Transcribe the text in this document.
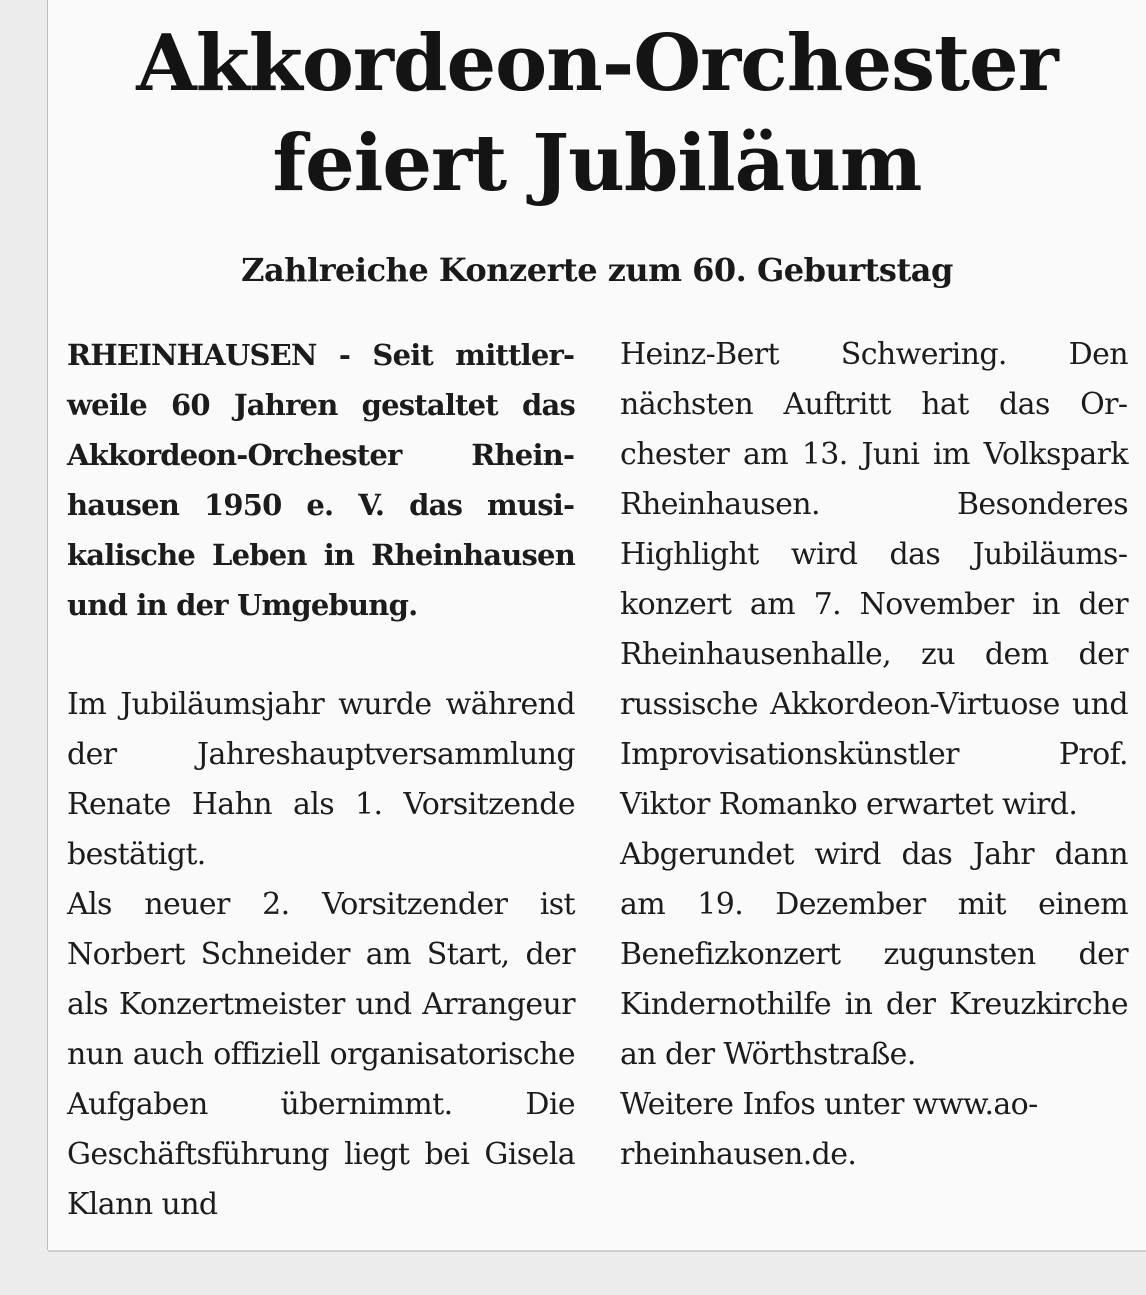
Akkordeon-Orchester
feiert Jubiläum
Zahlreiche Konzerte zum 60. Geburtstag

RHEINHAUSEN - Seit mittlerweile 60 Jahren gestaltet das Akkordeon-Orchester Rheinhausen 1950 e. V. das musikalische Leben in Rheinhausen und in der Umgebung.

Im Jubiläumsjahr wurde während der Jahreshauptversammlung Renate Hahn als 1. Vorsitzende bestätigt.

Als neuer 2. Vorsitzender ist Norbert Schneider am Start, der als Konzertmeister und Arrangeur nun auch offiziell organisatorische Aufgaben übernimmt. Die Geschäftsführung liegt bei Gisela Klann und

Heinz-Bert Schwering. Den nächsten Auftritt hat das Orchester am 13. Juni im Volkspark Rheinhausen. Besonderes Highlight wird das Jubiläumskonzert am 7. November in der Rheinhausenhalle, zu dem der russische Akkordeon-Virtuose und Improvisationskünstler Prof. Viktor Romanko erwartet wird.

Abgerundet wird das Jahr dann am 19. Dezember mit einem Benefizkonzert zugunsten der Kindernothilfe in der Kreuzkirche an der Wörthstraße.

Weitere Infos unter www.ao-rheinhausen.de.
